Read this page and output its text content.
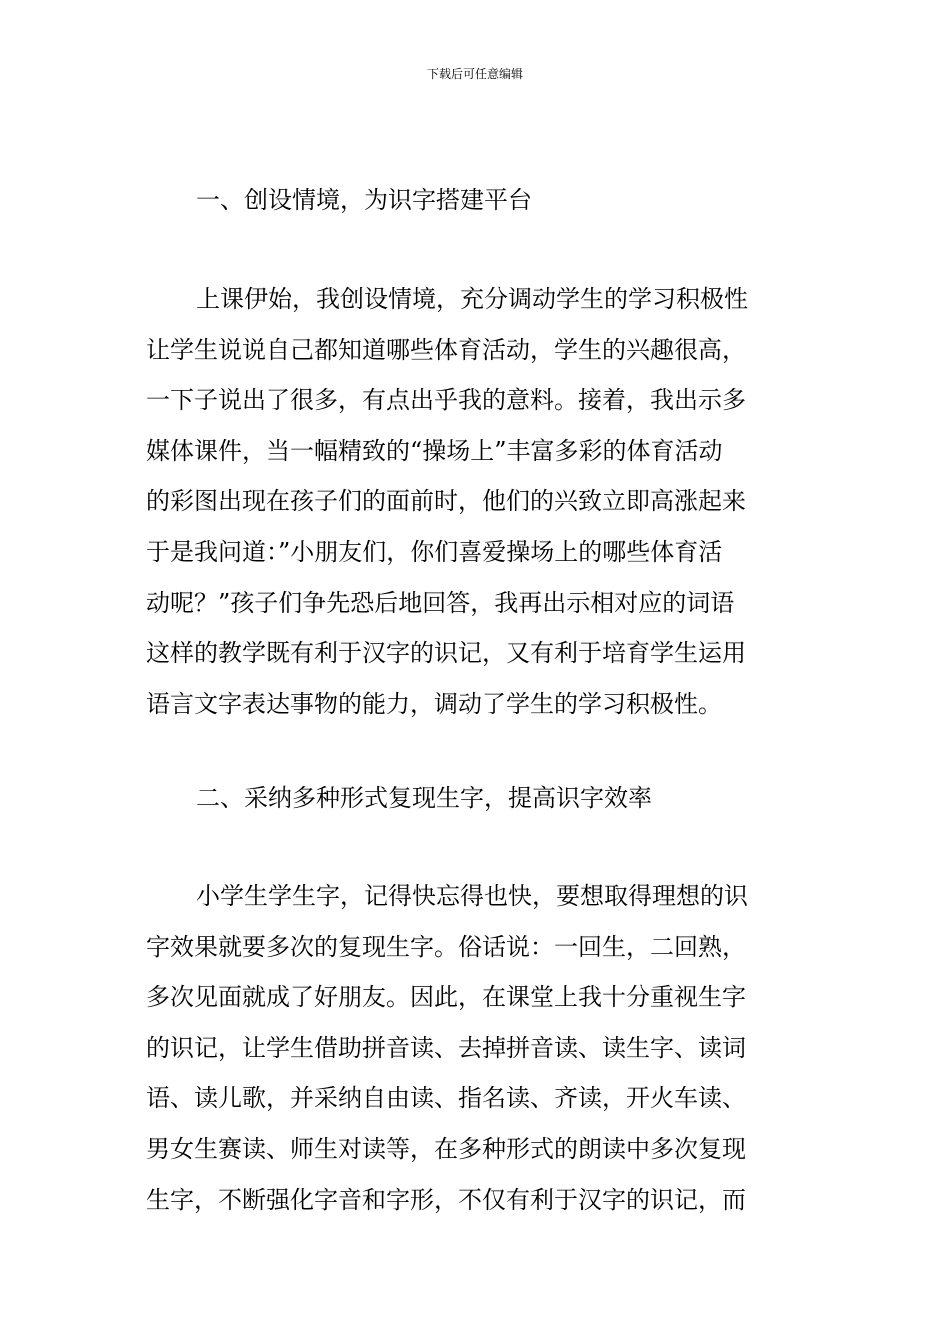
下载后可任意编辑
一、创设情境，为识字搭建平台
上课伊始，我创设情境，充分调动学生的学习积极性
让学生说说自己都知道哪些体育活动，学生的兴趣很高，
一下子说出了很多，有点出乎我的意料。接着，我出示多
媒体课件，当一幅精致的“操场上”丰富多彩的体育活动
的彩图出现在孩子们的面前时，他们的兴致立即高涨起来
于是我问道：”小朋友们，你们喜爱操场上的哪些体育活
动呢？”孩子们争先恐后地回答，我再出示相对应的词语
这样的教学既有利于汉字的识记，又有利于培育学生运用
语言文字表达事物的能力，调动了学生的学习积极性。
二、采纳多种形式复现生字，提高识字效率
小学生学生字，记得快忘得也快，要想取得理想的识
字效果就要多次的复现生字。俗话说：一回生，二回熟，
多次见面就成了好朋友。因此，在课堂上我十分重视生字
的识记，让学生借助拼音读、去掉拼音读、读生字、读词
语、读儿歌，并采纳自由读、指名读、齐读，开火车读、
男女生赛读、师生对读等，在多种形式的朗读中多次复现
生字，不断强化字音和字形，不仅有利于汉字的识记，而
